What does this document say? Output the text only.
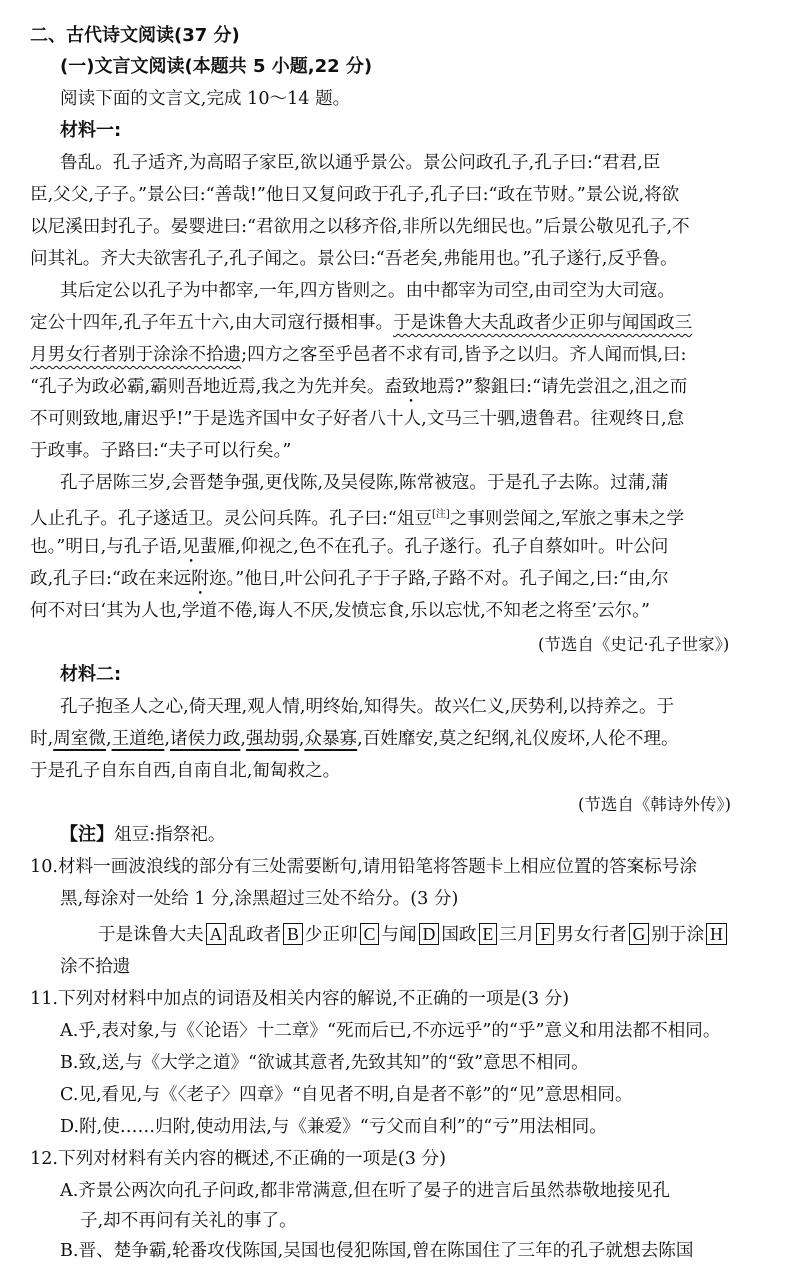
二、古代诗文阅读(37 分)
(一)文言文阅读(本题共 5 小题,22 分)
阅读下面的文言文,完成 10～14 题。
材料一:
鲁乱。孔子适齐,为高昭子家臣,欲以通乎景公。景公问政孔子,孔子曰:“君君,臣
臣,父父,子子。”景公曰:“善哉!”他日又复问政于孔子,孔子曰:“政在节财。”景公说,将欲
以尼溪田封孔子。晏婴进曰:“君欲用之以移齐俗,非所以先细民也。”后景公敬见孔子,不
问其礼。齐大夫欲害孔子,孔子闻之。景公曰:“吾老矣,弗能用也。”孔子遂行,反乎鲁。
其后定公以孔子为中都宰,一年,四方皆则之。由中都宰为司空,由司空为大司寇。
定公十四年,孔子年五十六,由大司寇行摄相事。于是诛鲁大夫乱政者少正卯与闻国政三
月男女行者别于涂涂不拾遗;四方之客至乎邑者不求有司,皆予之以归。齐人闻而惧,曰:
“孔子为政必霸,霸则吾地近焉,我之为先并矣。盍致地焉?”黎鉏曰:“请先尝沮之,沮之而
不可则致地,庸迟乎!”于是选齐国中女子好者八十人,文马三十驷,遗鲁君。往观终日,怠
于政事。子路曰:“夫子可以行矣。”
孔子居陈三岁,会晋楚争强,更伐陈,及吴侵陈,陈常被寇。于是孔子去陈。过蒲,蒲
人止孔子。孔子遂适卫。灵公问兵阵。孔子曰:“俎豆[注]之事则尝闻之,军旅之事未之学
也。”明日,与孔子语,见蜚雁,仰视之,色不在孔子。孔子遂行。孔子自蔡如叶。叶公问
政,孔子曰:“政在来远附迩。”他日,叶公问孔子于子路,子路不对。孔子闻之,曰:“由,尔
何不对曰‘其为人也,学道不倦,诲人不厌,发愤忘食,乐以忘忧,不知老之将至’云尔。”
(节选自《史记·孔子世家》)
材料二:
孔子抱圣人之心,倚天理,观人情,明终始,知得失。故兴仁义,厌势利,以持养之。于
时,周室微,王道绝,诸侯力政,强劫弱,众暴寡,百姓靡安,莫之纪纲,礼仪废坏,人伦不理。
于是孔子自东自西,自南自北,匍匐救之。
(节选自《韩诗外传》)
【注】俎豆:指祭祀。
10.材料一画波浪线的部分有三处需要断句,请用铅笔将答题卡上相应位置的答案标号涂
黑,每涂对一处给 1 分,涂黑超过三处不给分。(3 分)
于是诛鲁大夫 A 乱政者 B 少正卯 C 与闻 D 国政 E 三月 F 男女行者 G 别于涂 H
涂不拾遗
11.下列对材料中加点的词语及相关内容的解说,不正确的一项是(3 分)
A.乎,表对象,与《〈论语〉十二章》“死而后已,不亦远乎”的“乎”意义和用法都不相同。
B.致,送,与《大学之道》“欲诚其意者,先致其知”的“致”意思不相同。
C.见,看见,与《〈老子〉四章》“自见者不明,自是者不彰”的“见”意思相同。
D.附,使……归附,使动用法,与《兼爱》“亏父而自利”的“亏”用法相同。
12.下列对材料有关内容的概述,不正确的一项是(3 分)
A.齐景公两次向孔子问政,都非常满意,但在听了晏子的进言后虽然恭敬地接见孔
子,却不再问有关礼的事了。
B.晋、楚争霸,轮番攻伐陈国,吴国也侵犯陈国,曾在陈国住了三年的孔子就想去陈国
